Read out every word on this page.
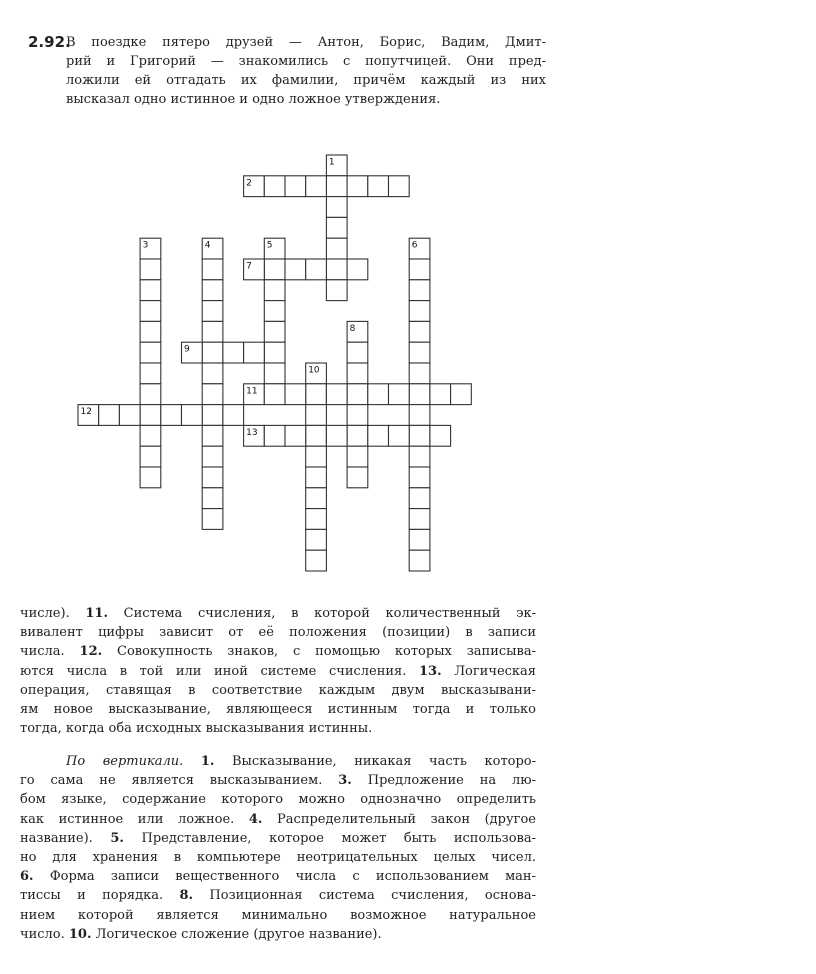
2.92.
В поездке пятеро друзей — Антон, Борис, Вадим, Дмит-
рий и Григорий — знакомились с попутчицей. Они пред-
ложили ей отгадать их фамилии, причём каждый из них
высказал одно истинное и одно ложное утверждения.
1
2
3	4	5	6
7
8
9
10
11
12
13
числе). 11. Система счисления, в которой количественный эк-
вивалент цифры зависит от её положения (позиции) в записи
числа. 12. Совокупность знаков, с помощью которых записыва-
ются числа в той или иной системе счисления. 13. Логическая
операция, ставящая в соответствие каждым двум высказывани-
ям новое высказывание, являющееся истинным тогда и только
тогда, когда оба исходных высказывания истинны.
По вертикали. 1. Высказывание, никакая часть которо-
го сама не является высказыванием. 3. Предложение на лю-
бом языке, содержание которого можно однозначно определить
как истинное или ложное. 4. Распределительный закон (другое
название). 5. Представление, которое может быть использова-
но для хранения в компьютере неотрицательных целых чисел.
6. Форма записи вещественного числа с использованием ман-
тиссы и порядка. 8. Позиционная система счисления, основа-
нием которой является минимально возможное натуральное
число. 10. Логическое сложение (другое название).
